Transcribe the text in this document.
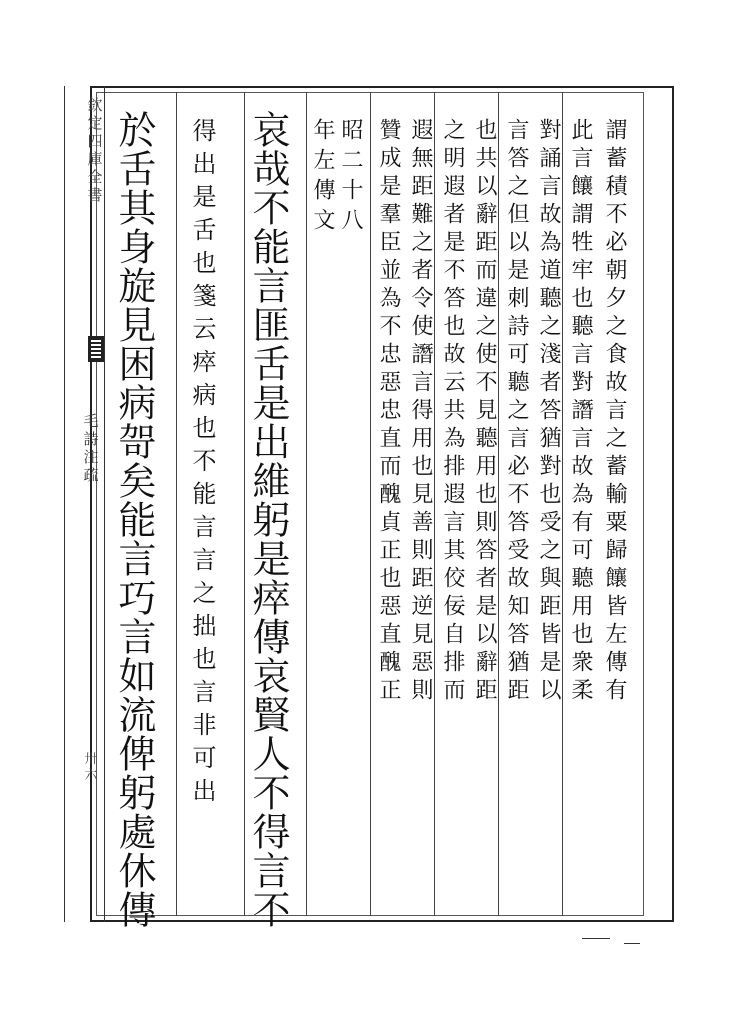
欽定四庫全書
毛詩注疏
卅六
謂蓄積不必朝夕之食故言之蓄輸粟歸饟皆左傳有
此言饟謂牲牢也聽言對譖言故為有可聽用也衆柔
對誦言故為道聽之淺者答猶對也受之與距皆是以
言答之但以是刺詩可聽之言必不答受故知答猶距
也共以辭距而違之使不見聽用也則答者是以辭距
之明遐者是不答也故云共為排遐言其佼佞自排而
遐無距難之者令使譖言得用也見善則距逆見惡則
贊成是羣臣並為不忠惡忠直而醜貞正也惡直醜正
昭二十八
年左傳文
哀哉不能言匪舌是出維躬是瘁傳哀賢人不得言不
得出是舌也箋云瘁病也不能言言之拙也言非可出
於舌其身旋見困病哿矣能言巧言如流俾躬處休傳
